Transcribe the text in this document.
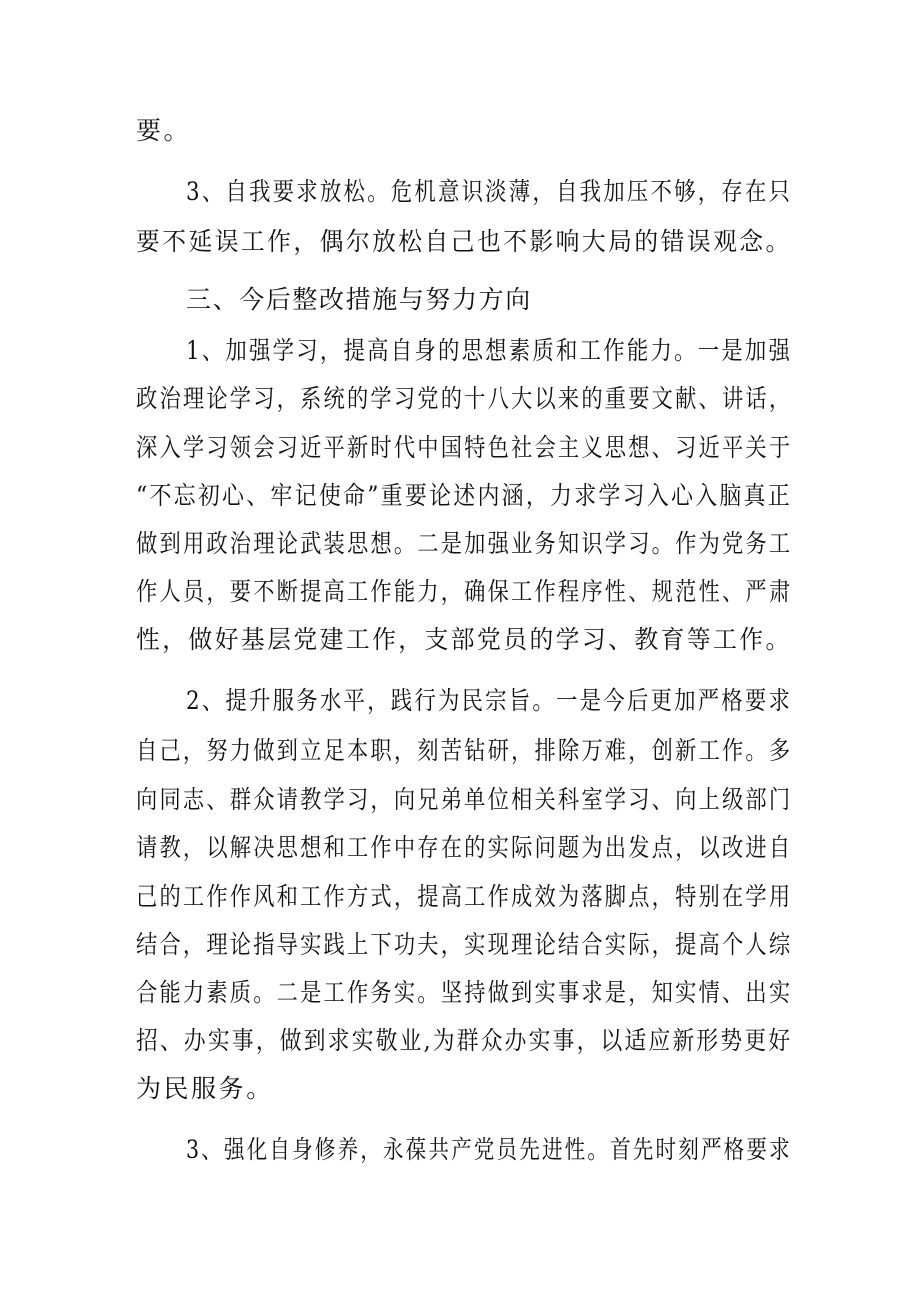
要。
3、自我要求放松。危机意识淡薄，自我加压不够，存在只
要不延误工作，偶尔放松自己也不影响大局的错误观念。
三、今后整改措施与努力方向
1、加强学习，提高自身的思想素质和工作能力。一是加强
政治理论学习，系统的学习党的十八大以来的重要文献、讲话，
深入学习领会习近平新时代中国特色社会主义思想、习近平关于
“不忘初心、牢记使命”重要论述内涵，力求学习入心入脑真正
做到用政治理论武装思想。二是加强业务知识学习。作为党务工
作人员，要不断提高工作能力，确保工作程序性、规范性、严肃
性，做好基层党建工作，支部党员的学习、教育等工作。
2、提升服务水平，践行为民宗旨。一是今后更加严格要求
自己，努力做到立足本职，刻苦钻研，排除万难，创新工作。多
向同志、群众请教学习，向兄弟单位相关科室学习、向上级部门
请教，以解决思想和工作中存在的实际问题为出发点，以改进自
己的工作作风和工作方式，提高工作成效为落脚点，特别在学用
结合，理论指导实践上下功夫，实现理论结合实际，提高个人综
合能力素质。二是工作务实。坚持做到实事求是，知实情、出实
招、办实事，做到求实敬业,为群众办实事，以适应新形势更好
为民服务。
3、强化自身修养，永葆共产党员先进性。首先时刻严格要求
